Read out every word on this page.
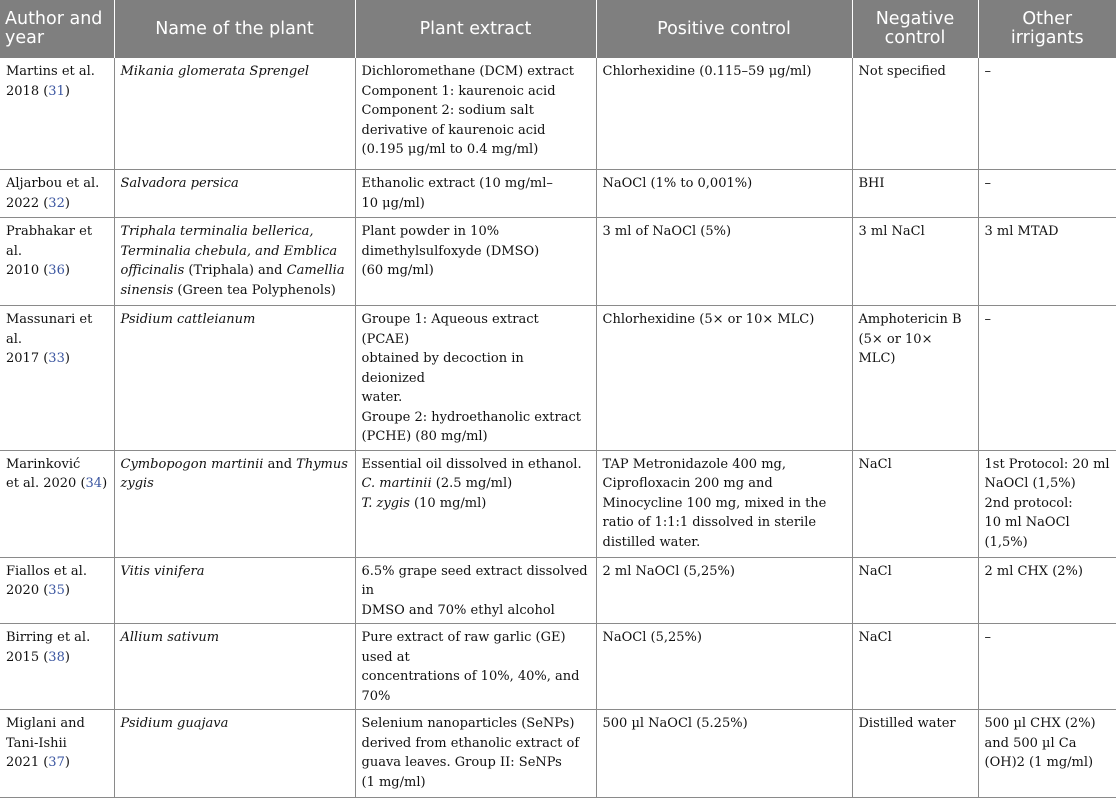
Author and year	Name of the plant	Plant extract	Positive control	Negative control	Other irrigants

Martins et al.
2018 (31)	Mikania glomerata Sprengel	Dichloromethane (DCM) extract
Component 1: kaurenoic acid
Component 2: sodium salt
derivative of kaurenoic acid
(0.195 μg/ml to 0.4 mg/ml)	Chlorhexidine (0.115–59 μg/ml)	Not specified	–

Aljarbou et al.
2022 (32)	Salvadora persica	Ethanolic extract (10 mg/ml–
10 μg/ml)	NaOCl (1% to 0,001%)	BHI	–

Prabhakar et al.
2010 (36)	Triphala terminalia bellerica, Terminalia chebula, and Emblica officinalis (Triphala) and Camellia sinensis (Green tea Polyphenols)	Plant powder in 10%
dimethylsulfoxyde (DMSO)
(60 mg/ml)	3 ml of NaOCl (5%)	3 ml NaCl	3 ml MTAD

Massunari et al.
2017 (33)	Psidium cattleianum	Groupe 1: Aqueous extract (PCAE)
obtained by decoction in deionized
water.
Groupe 2: hydroethanolic extract
(PCHE) (80 mg/ml)	Chlorhexidine (5× or 10× MLC)	Amphotericin B (5× or 10× MLC)	–

Marinković
et al. 2020 (34)	Cymbopogon martinii and Thymus zygis	Essential oil dissolved in ethanol.
C. martinii (2.5 mg/ml)
T. zygis (10 mg/ml)	TAP Metronidazole 400 mg,
Ciprofloxacin 200 mg and
Minocycline 100 mg, mixed in the
ratio of 1:1:1 dissolved in sterile
distilled water.	NaCl	1st Protocol: 20 ml
NaOCl (1,5%)
2nd protocol:
10 ml NaOCl
(1,5%)

Fiallos et al.
2020 (35)	Vitis vinifera	6.5% grape seed extract dissolved in
DMSO and 70% ethyl alcohol	2 ml NaOCl (5,25%)	NaCl	2 ml CHX (2%)

Birring et al.
2015 (38)	Allium sativum	Pure extract of raw garlic (GE) used at
concentrations of 10%, 40%, and 70%	NaOCl (5,25%)	NaCl	–

Miglani and
Tani-Ishii
2021 (37)	Psidium guajava	Selenium nanoparticles (SeNPs)
derived from ethanolic extract of
guava leaves. Group II: SeNPs
(1 mg/ml)	500 µl NaOCl (5.25%)	Distilled water	500 µl CHX (2%)
and 500 µl Ca
(OH)2 (1 mg/ml)
